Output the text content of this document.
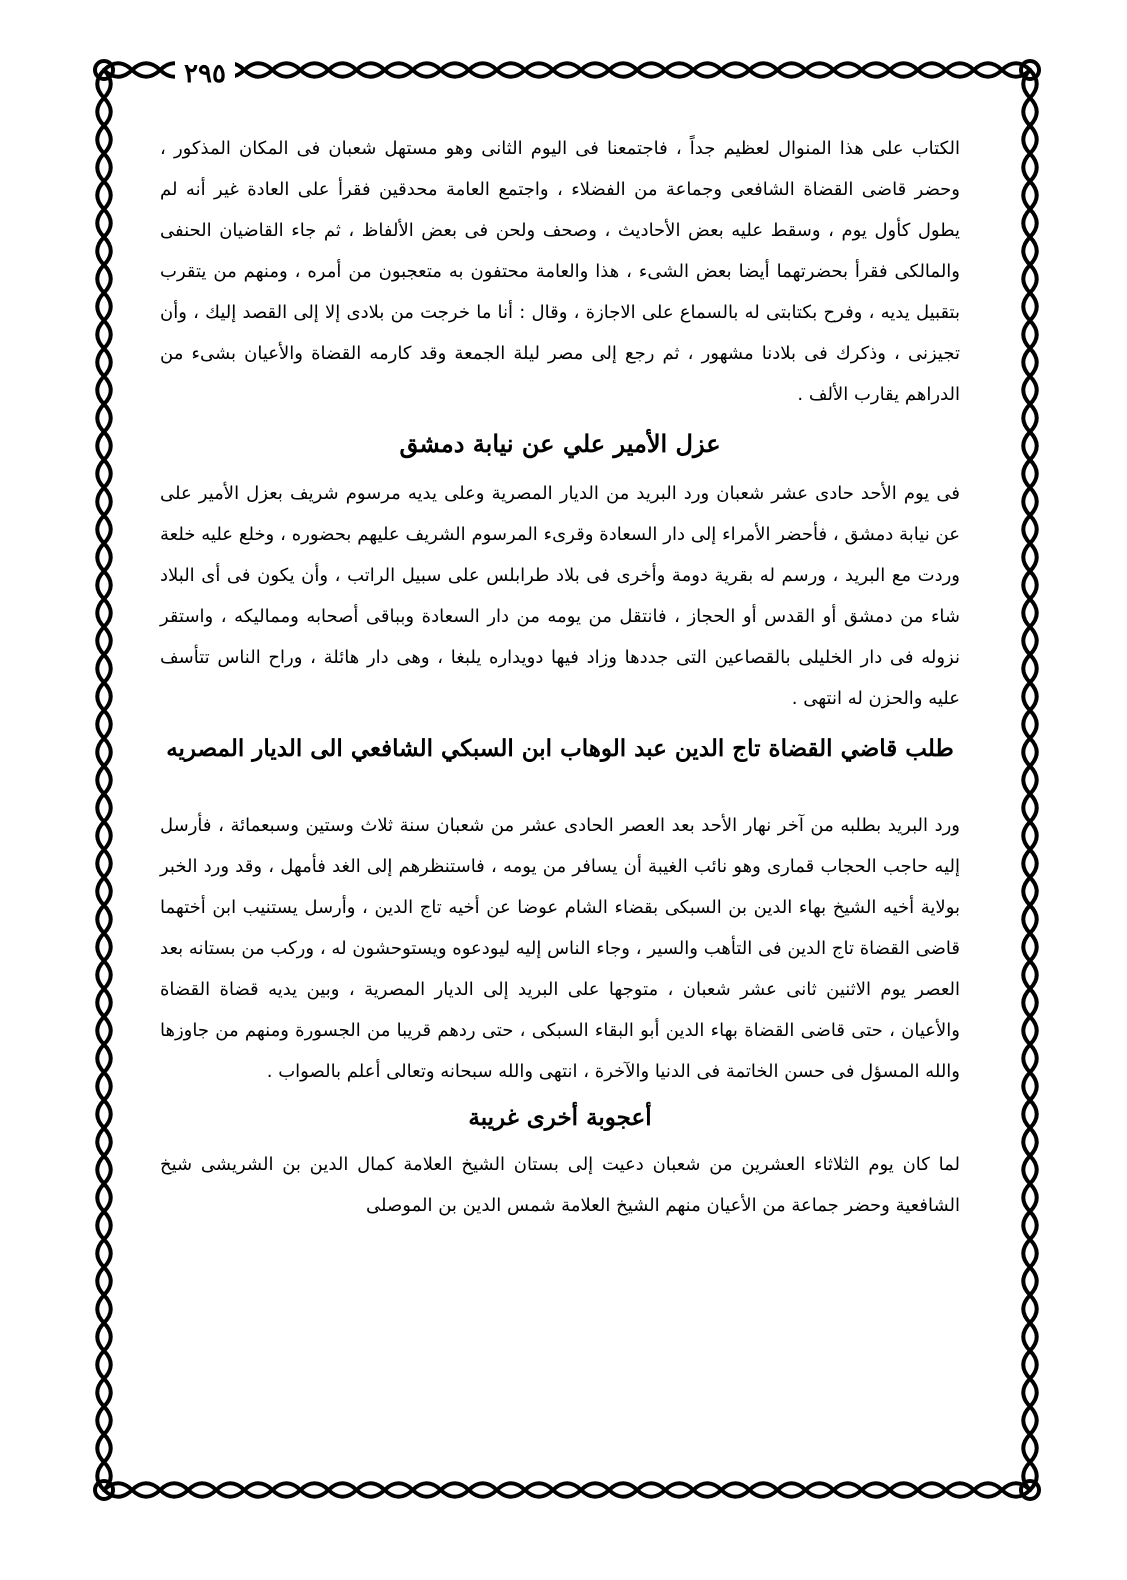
٢٩٥

الكتاب على هذا المنوال لعظيم جداً ، فاجتمعنا فى اليوم الثانى وهو مستهل شعبان فى المكان المذكور ، وحضر قاضى القضاة الشافعى وجماعة من الفضلاء ، واجتمع العامة محدقين فقرأ على العادة غير أنه لم يطول كأول يوم ، وسقط عليه بعض الأحاديث ، وصحف ولحن فى بعض الألفاظ ، ثم جاء القاضيان الحنفى والمالكى فقرأ بحضرتهما أيضا بعض الشىء ، هذا والعامة محتفون به متعجبون من أمره ، ومنهم من يتقرب بتقبيل يديه ، وفرح بكتابتى له بالسماع على الاجازة ، وقال : أنا ما خرجت من بلادى إلا إلى القصد إليك ، وأن تجيزنى ، وذكرك فى بلادنا مشهور ، ثم رجع إلى مصر ليلة الجمعة وقد كارمه القضاة والأعيان بشىء من الدراهم يقارب الألف .

عزل الأمير علي عن نيابة دمشق

فى يوم الأحد حادى عشر شعبان ورد البريد من الديار المصرية وعلى يديه مرسوم شريف بعزل الأمير على عن نيابة دمشق ، فأحضر الأمراء إلى دار السعادة وقرىء المرسوم الشريف عليهم بحضوره ، وخلع عليه خلعة وردت مع البريد ، ورسم له بقرية دومة وأخرى فى بلاد طرابلس على سبيل الراتب ، وأن يكون فى أى البلاد شاء من دمشق أو القدس أو الحجاز ، فانتقل من يومه من دار السعادة وبباقى أصحابه ومماليكه ، واستقر نزوله فى دار الخليلى بالقصاعين التى جددها وزاد فيها دويداره يلبغا ، وهى دار هائلة ، وراح الناس تتأسف عليه والحزن له انتهى .

طلب قاضي القضاة تاج الدين عبد الوهاب ابن السبكي الشافعي الى الديار المصريه

ورد البريد بطلبه من آخر نهار الأحد بعد العصر الحادى عشر من شعبان سنة ثلاث وستين وسبعمائة ، فأرسل إليه حاجب الحجاب قمارى وهو نائب الغيبة أن يسافر من يومه ، فاستنظرهم إلى الغد فأمهل ، وقد ورد الخبر بولاية أخيه الشيخ بهاء الدين بن السبكى بقضاء الشام عوضا عن أخيه تاج الدين ، وأرسل يستنيب ابن أختهما قاضى القضاة تاج الدين فى التأهب والسير ، وجاء الناس إليه ليودعوه ويستوحشون له ، وركب من بستانه بعد العصر يوم الاثنين ثانى عشر شعبان ، متوجها على البريد إلى الديار المصرية ، وبين يديه قضاة القضاة والأعيان ، حتى قاضى القضاة بهاء الدين أبو البقاء السبكى ، حتى ردهم قريبا من الجسورة ومنهم من جاوزها والله المسؤل فى حسن الخاتمة فى الدنيا والآخرة ، انتهى والله سبحانه وتعالى أعلم بالصواب .

أعجوبة أخرى غريبة

لما كان يوم الثلاثاء العشرين من شعبان دعيت إلى بستان الشيخ العلامة كمال الدين بن الشريشى شيخ الشافعية وحضر جماعة من الأعيان منهم الشيخ العلامة شمس الدين بن الموصلى
